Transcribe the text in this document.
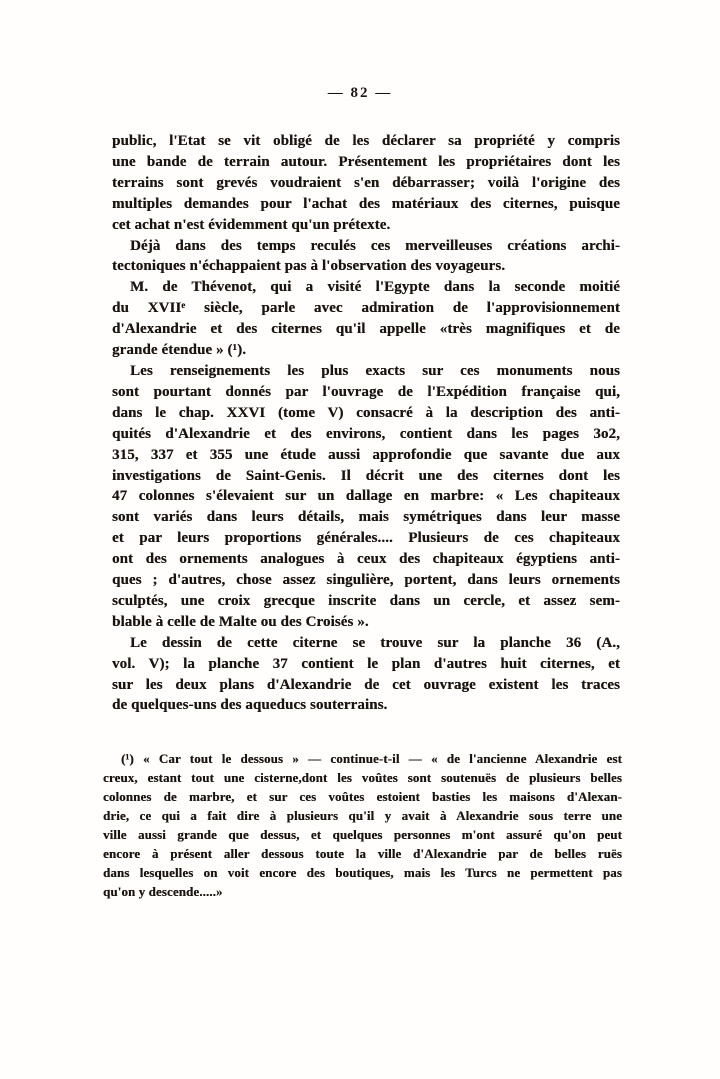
— 82 —
public, l'Etat se vit obligé de les déclarer sa propriété y compris
une bande de terrain autour. Présentement les propriétaires dont les
terrains sont grevés voudraient s'en débarrasser; voilà l'origine des
multiples demandes pour l'achat des matériaux des citernes, puisque
cet achat n'est évidemment qu'un prétexte.
Déjà dans des temps reculés ces merveilleuses créations archi-
tectoniques n'échappaient pas à l'observation des voyageurs.
M. de Thévenot, qui a visité l'Egypte dans la seconde moitié
du XVIIᵉ siècle, parle avec admiration de l'approvisionnement
d'Alexandrie et des citernes qu'il appelle «très magnifiques et de
grande étendue » (¹).
Les renseignements les plus exacts sur ces monuments nous
sont pourtant donnés par l'ouvrage de l'Expédition française qui,
dans le chap. XXVI (tome V) consacré à la description des anti-
quités d'Alexandrie et des environs, contient dans les pages 3o2,
315, 337 et 355 une étude aussi approfondie que savante due aux
investigations de Saint-Genis. Il décrit une des citernes dont les
47 colonnes s'élevaient sur un dallage en marbre: « Les chapiteaux
sont variés dans leurs détails, mais symétriques dans leur masse
et par leurs proportions générales.... Plusieurs de ces chapiteaux
ont des ornements analogues à ceux des chapiteaux égyptiens anti-
ques ; d'autres, chose assez singulière, portent, dans leurs ornements
sculptés, une croix grecque inscrite dans un cercle, et assez sem-
blable à celle de Malte ou des Croisés ».
Le dessin de cette citerne se trouve sur la planche 36 (A.,
vol. V); la planche 37 contient le plan d'autres huit citernes, et
sur les deux plans d'Alexandrie de cet ouvrage existent les traces
de quelques-uns des aqueducs souterrains.
(¹) « Car tout le dessous » — continue-t-il — « de l'ancienne Alexandrie est
creux, estant tout une cisterne,dont les voûtes sont soutenuës de plusieurs belles
colonnes de marbre, et sur ces voûtes estoient basties les maisons d'Alexan-
drie, ce qui a fait dire à plusieurs qu'il y avait à Alexandrie sous terre une
ville aussi grande que dessus, et quelques personnes m'ont assuré qu'on peut
encore à présent aller dessous toute la ville d'Alexandrie par de belles ruës
dans lesquelles on voit encore des boutiques, mais les Turcs ne permettent pas
qu'on y descende.....»
